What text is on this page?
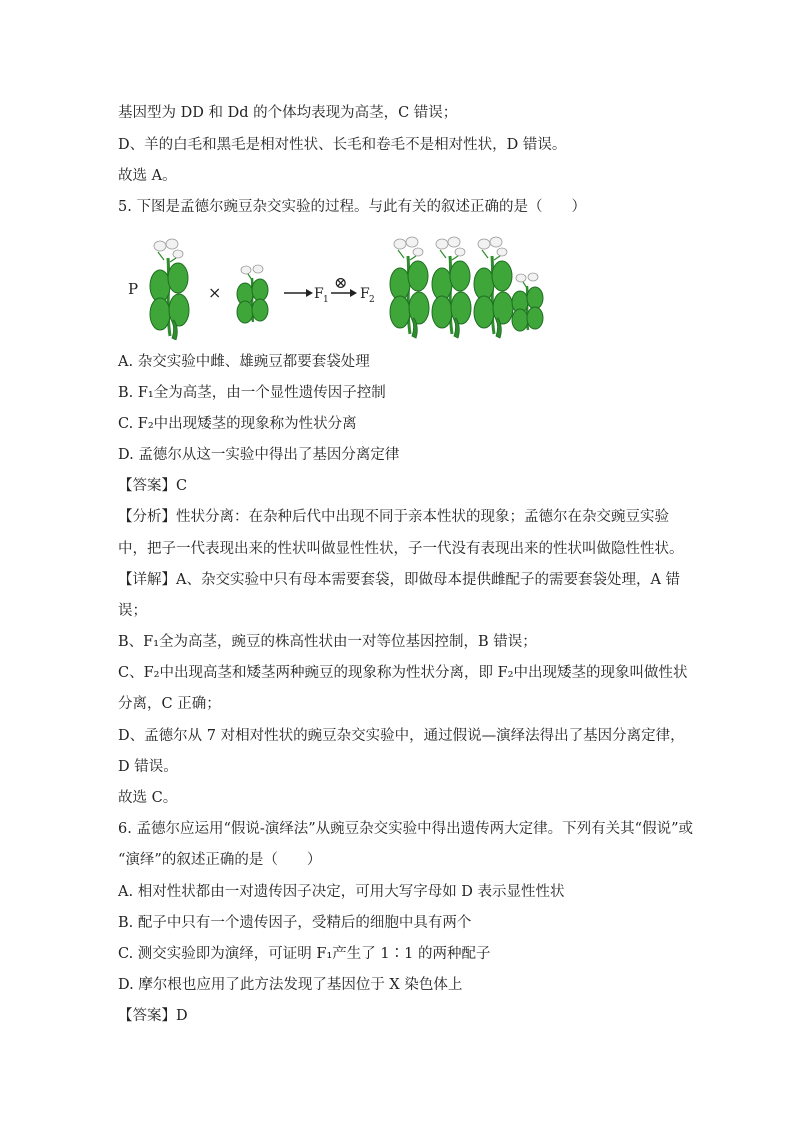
基因型为 DD 和 Dd 的个体均表现为高茎，C 错误；
D、羊的白毛和黑毛是相对性状、长毛和卷毛不是相对性状，D 错误。
故选 A。
5. 下图是孟德尔豌豆杂交实验的过程。与此有关的叙述正确的是（　　）
P	×	F 1
⊗
F 2
A. 杂交实验中雌、雄豌豆都要套袋处理
B. F₁全为高茎，由一个显性遗传因子控制
C. F₂中出现矮茎的现象称为性状分离
D. 孟德尔从这一实验中得出了基因分离定律
【答案】C
【分析】性状分离：在杂种后代中出现不同于亲本性状的现象；孟德尔在杂交豌豆实验
中，把子一代表现出来的性状叫做显性性状，子一代没有表现出来的性状叫做隐性性状。
【详解】A、杂交实验中只有母本需要套袋，即做母本提供雌配子的需要套袋处理，A 错
误；
B、F₁全为高茎，豌豆的株高性状由一对等位基因控制，B 错误；
C、F₂中出现高茎和矮茎两种豌豆的现象称为性状分离，即 F₂中出现矮茎的现象叫做性状
分离，C 正确；
D、孟德尔从 7 对相对性状的豌豆杂交实验中，通过假说—演绎法得出了基因分离定律，
D 错误。
故选 C。
6. 孟德尔应运用“假说-演绎法”从豌豆杂交实验中得出遗传两大定律。下列有关其“假说”或
“演绎”的叙述正确的是（　　）
A. 相对性状都由一对遗传因子决定，可用大写字母如 D 表示显性性状
B. 配子中只有一个遗传因子，受精后的细胞中具有两个
C. 测交实验即为演绎，可证明 F₁产生了 1∶1 的两种配子
D. 摩尔根也应用了此方法发现了基因位于 X 染色体上
【答案】D
